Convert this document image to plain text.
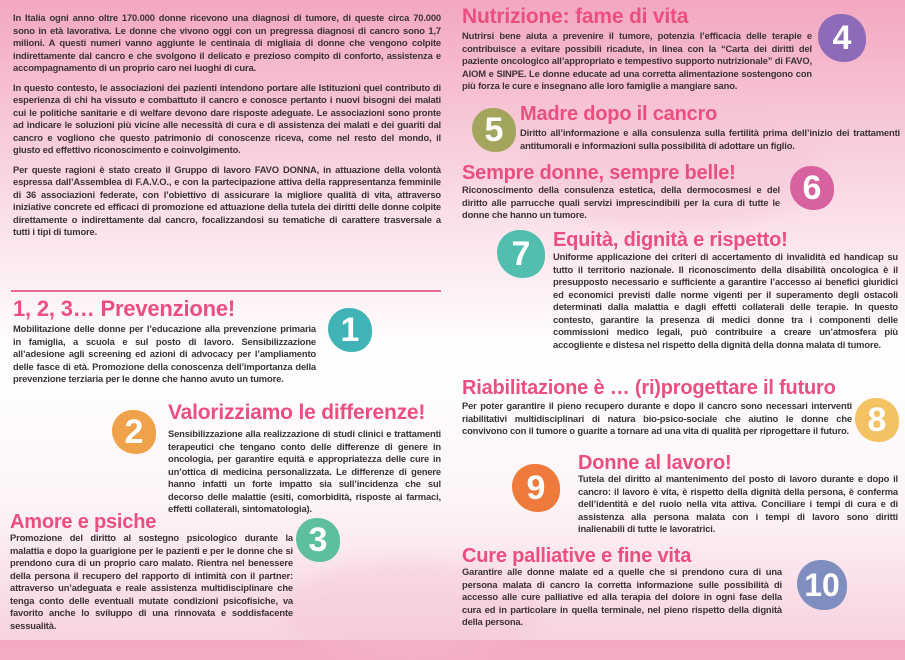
In Italia ogni anno oltre 170.000 donne ricevono una diagnosi di tumore, di queste circa 70.000 sono in età lavorativa. Le donne che vivono oggi con un pregressa diagnosi di cancro sono 1,7 milioni. A questi numeri vanno aggiunte le centinaia di migliaia di donne che vengono colpite indirettamente dal cancro e che svolgono il delicato e prezioso compito di conforto, assistenza e accompagnamento di un proprio caro nei luoghi di cura.

In questo contesto, le associazioni dei pazienti intendono portare alle Istituzioni quel contributo di esperienza di chi ha vissuto e combattuto il cancro e conosce pertanto i nuovi bisogni dei malati cui le politiche sanitarie e di welfare devono dare risposte adeguate. Le associazioni sono pronte ad indicare le soluzioni più vicine alle necessità di cura e di assistenza dei malati e dei guariti dal cancro e vogliono che questo patrimonio di conoscenze riceva, come nel resto del mondo, il giusto ed effettivo riconoscimento e coinvolgimento.

Per queste ragioni è stato creato il Gruppo di lavoro FAVO DONNA, in attuazione della volontà espressa dall’Assemblea di F.A.V.O., e con la partecipazione attiva della rappresentanza femminile di 36 associazioni federate, con l’obiettivo di assicurare la migliore qualità di vita, attraverso iniziative concrete ed efficaci di promozione ed attuazione della tutela dei diritti delle donne colpite direttamente o indirettamente dal cancro, focalizzandosi su tematiche di carattere trasversale a tutti i tipi di tumore.

1, 2, 3… Prevenzione!
Mobilitazione delle donne per l’educazione alla prevenzione primaria in famiglia, a scuola e sul posto di lavoro. Sensibilizzazione all’adesione agli screening ed azioni di advocacy per l’ampliamento delle fasce di età. Promozione della conoscenza dell’importanza della prevenzione terziaria per le donne che hanno avuto un tumore.
1
2
Valorizziamo le differenze!
Sensibilizzazione alla realizzazione di studi clinici e trattamenti terapeutici che tengano conto delle differenze di genere in oncologia, per garantire equità e appropriatezza delle cure in un’ottica di medicina personalizzata. Le differenze di genere hanno infatti un forte impatto sia sull’incidenza che sul decorso delle malattie (esiti, comorbidità, risposte ai farmaci, effetti collaterali, sintomatologia).
Amore e psiche
Promozione del diritto al sostegno psicologico durante la malattia e dopo la guarigione per le pazienti e per le donne che si prendono cura di un proprio caro malato. Rientra nel benessere della persona il recupero del rapporto di intimità con il partner: attraverso un’adeguata e reale assistenza multidisciplinare che tenga conto delle eventuali mutate condizioni psicofisiche, va favorito anche lo sviluppo di una rinnovata e soddisfacente sessualità.
3
Nutrizione: fame di vita
Nutrirsi bene aiuta a prevenire il tumore, potenzia l’efficacia delle terapie e contribuisce a evitare possibili ricadute, in linea con la “Carta dei diritti del paziente oncologico all’appropriato e tempestivo supporto nutrizionale” di FAVO, AIOM e SINPE. Le donne educate ad una corretta alimentazione sostengono con più forza le cure e insegnano alle loro famiglie a mangiare sano.
4
5 Madre dopo il cancro
Diritto all’informazione e alla consulenza sulla fertilità prima dell’inizio dei trattamenti antitumorali e informazioni sulla possibilità di adottare un figlio.
Sempre donne, sempre belle!
Riconoscimento della consulenza estetica, della dermocosmesi e del diritto alle parrucche quali servizi imprescindibili per la cura di tutte le donne che hanno un tumore.
6
7	Equità, dignità e rispetto!
Uniforme applicazione dei criteri di accertamento di invalidità ed handicap su tutto il territorio nazionale. Il riconoscimento della disabilità oncologica è il presupposto necessario e sufficiente a garantire l’accesso ai benefici giuridici ed economici previsti dalle norme vigenti per il superamento degli ostacoli determinati dalla malattia e dagli effetti collaterali delle terapie. In questo contesto, garantire la presenza di medici donne tra i componenti delle commissioni medico legali, può contribuire a creare un’atmosfera più accogliente e distesa nel rispetto della dignità della donna malata di tumore.
Riabilitazione è … (ri)progettare il futuro
Per poter garantire il pieno recupero durante e dopo il cancro sono necessari interventi riabilitativi multidisciplinari di natura bio-psico-sociale che aiutino le donne che convivono con il tumore o guarite a tornare ad una vita di qualità per riprogettare il futuro. 8
9
Donne al lavoro!
Tutela del diritto al mantenimento del posto di lavoro durante e dopo il cancro: il lavoro è vita, è rispetto della dignità della persona, è conferma dell’identità e del ruolo nella vita attiva. Conciliare i tempi di cura e di assistenza alla persona malata con i tempi di lavoro sono diritti inalienabili di tutte le lavoratrici.
Cure palliative e fine vita
Garantire alle donne malate ed a quelle che si prendono cura di una persona malata di cancro la corretta informazione sulle possibilità di accesso alle cure palliative ed alla terapia del dolore in ogni fase della cura ed in particolare in quella terminale, nel pieno rispetto della dignità della persona.
10
